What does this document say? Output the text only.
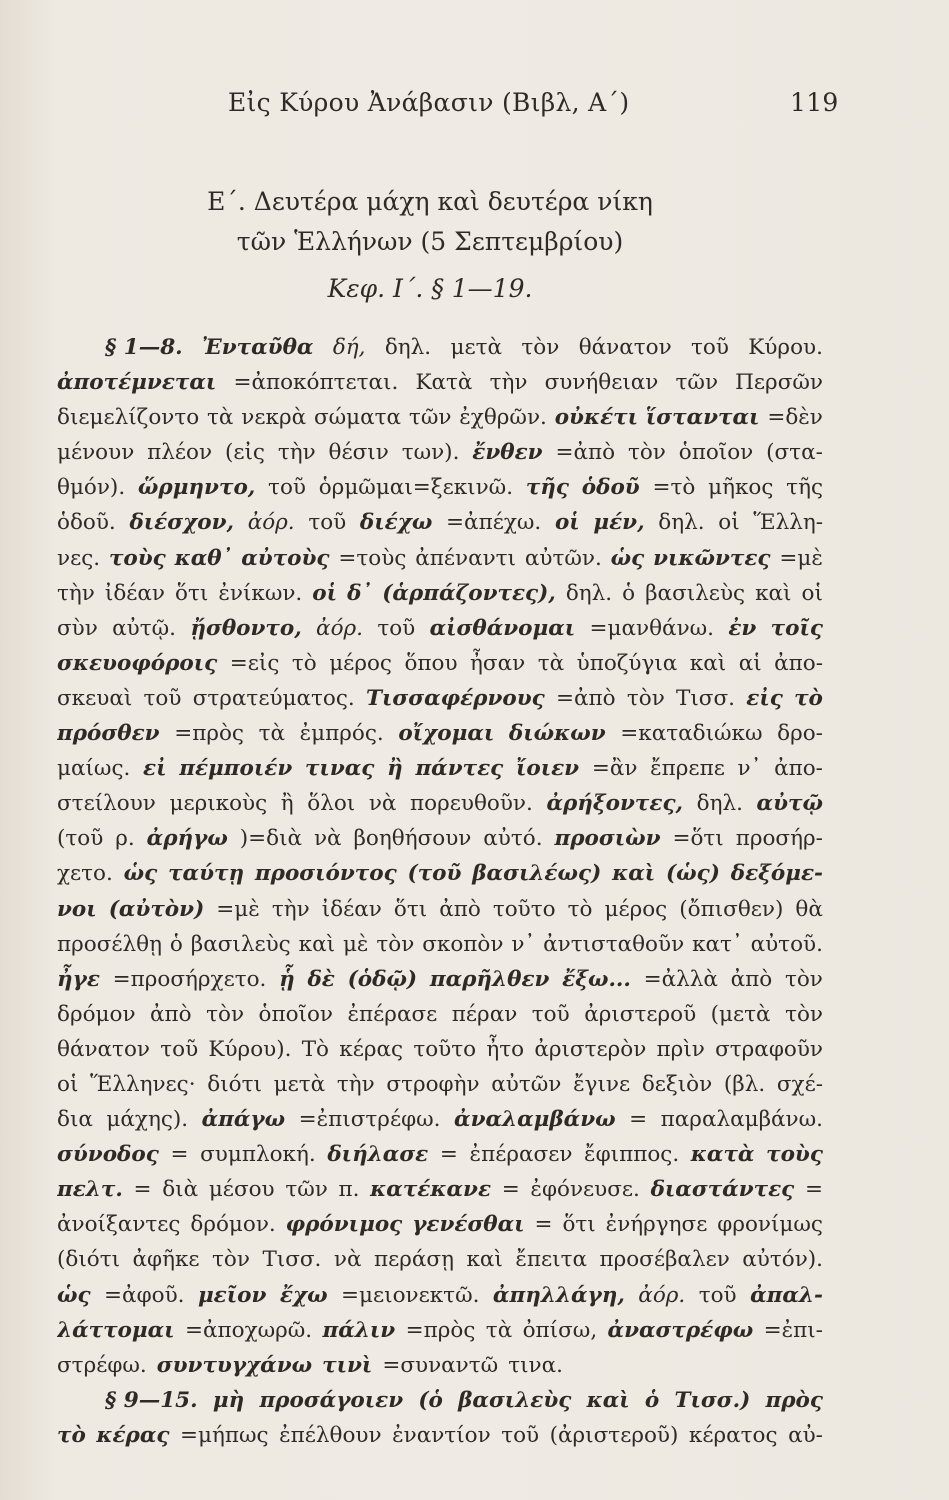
Εἰς Κύρου Ἀνάβασιν (Βιβλ, Α΄)	119
Ε΄. Δευτέρα μάχη καὶ δευτέρα νίκη
τῶν Ἑλλήνων (5 Σεπτεμβρίου)
Κεφ. Ι΄. § 1—19.
§ 1—8. Ἐνταῦθα δή, δηλ. μετὰ τὸν θάνατον τοῦ Κύρου.
ἀποτέμνεται =ἀποκόπτεται. Κατὰ τὴν συνήθειαν τῶν Περσῶν
διεμελίζοντο τὰ νεκρὰ σώματα τῶν ἐχθρῶν. οὐκέτι ἵστανται =δὲν
μένουν πλέον (εἰς τὴν θέσιν των). ἔνθεν =ἀπὸ τὸν ὁποῖον (στα-
θμόν). ὥρμηντο, τοῦ ὁρμῶμαι=ξεκινῶ. τῆς ὁδοῦ =τὸ μῆκος τῆς
ὁδοῦ. διέσχον, ἀόρ. τοῦ διέχω =ἀπέχω. οἱ μέν, δηλ. οἱ Ἕλλη-
νες. τοὺς καθ᾽ αὐτοὺς =τοὺς ἀπέναντι αὐτῶν. ὡς νικῶντες =μὲ
τὴν ἰδέαν ὅτι ἐνίκων. οἱ δ᾽ (ἁρπάζοντες), δηλ. ὁ βασιλεὺς καὶ οἱ
σὺν αὐτῷ. ᾔσθοντο, ἀόρ. τοῦ αἰσθάνομαι =μανθάνω. ἐν τοῖς
σκευοφόροις =εἰς τὸ μέρος ὅπου ἦσαν τὰ ὑποζύγια καὶ αἱ ἀπο-
σκευαὶ τοῦ στρατεύματος. Τισσαφέρνους =ἀπὸ τὸν Τισσ. εἰς τὸ
πρόσθεν =πρὸς τὰ ἐμπρός. οἴχομαι διώκων =καταδιώκω δρο-
μαίως. εἰ πέμποιέν τινας ἢ πάντες ἴοιεν =ἂν ἔπρεπε ν᾽ ἀπο-
στείλουν μερικοὺς ἢ ὅλοι νὰ πορευθοῦν. ἀρήξοντες, δηλ. αὐτῷ
(τοῦ ρ. ἀρήγω )=διὰ νὰ βοηθήσουν αὐτό. προσιὼν =ὅτι προσήρ-
χετο. ὡς ταύτῃ προσιόντος (τοῦ βασιλέως) καὶ (ὡς) δεξόμε-
νοι (αὐτὸν) =μὲ τὴν ἰδέαν ὅτι ἀπὸ τοῦτο τὸ μέρος (ὄπισθεν) θὰ
προσέλθῃ ὁ βασιλεὺς καὶ μὲ τὸν σκοπὸν ν᾽ ἀντισταθοῦν κατ᾽ αὐτοῦ.
ἦγε =προσήρχετο. ᾗ δὲ (ὁδῷ) παρῆλθεν ἔξω... =ἀλλὰ ἀπὸ τὸν
δρόμον ἀπὸ τὸν ὁποῖον ἐπέρασε πέραν τοῦ ἀριστεροῦ (μετὰ τὸν
θάνατον τοῦ Κύρου). Τὸ κέρας τοῦτο ἦτο ἀριστερὸν πρὶν στραφοῦν
οἱ Ἕλληνες· διότι μετὰ τὴν στροφὴν αὐτῶν ἔγινε δεξιὸν (βλ. σχέ-
δια μάχης). ἀπάγω =ἐπιστρέφω. ἀναλαμβάνω = παραλαμβάνω.
σύνοδος = συμπλοκή. διήλασε = ἐπέρασεν ἔφιππος. κατὰ τοὺς
πελτ. = διὰ μέσου τῶν π. κατέκανε = ἐφόνευσε. διαστάντες =
ἀνοίξαντες δρόμον. φρόνιμος γενέσθαι = ὅτι ἐνήργησε φρονίμως
(διότι ἀφῆκε τὸν Τισσ. νὰ περάσῃ καὶ ἔπειτα προσέβαλεν αὐτόν).
ὡς =ἀφοῦ. μεῖον ἔχω =μειονεκτῶ. ἀπηλλάγη, ἀόρ. τοῦ ἀπαλ-
λάττομαι =ἀποχωρῶ. πάλιν =πρὸς τὰ ὀπίσω, ἀναστρέφω =ἐπι-
στρέφω. συντυγχάνω τινὶ =συναντῶ τινα.
§ 9—15. μὴ προσάγοιεν (ὁ βασιλεὺς καὶ ὁ Τισσ.) πρὸς
τὸ κέρας =μήπως ἐπέλθουν ἐναντίον τοῦ (ἀριστεροῦ) κέρατος αὐ-
